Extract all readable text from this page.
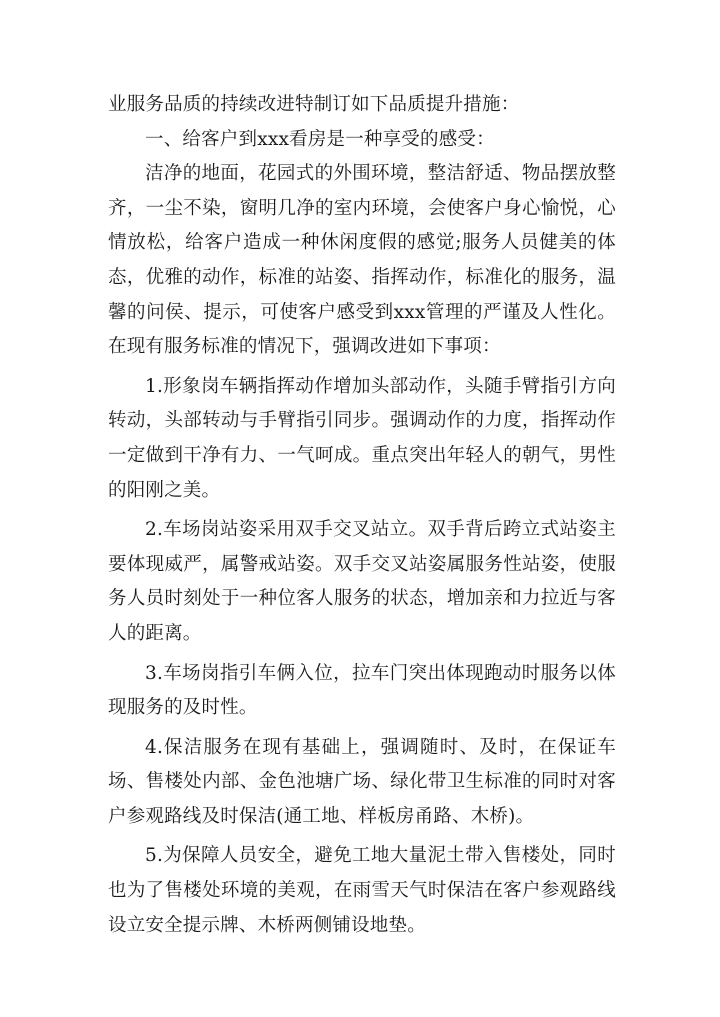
业服务品质的持续改进特制订如下品质提升措施：

一、给客户到xxx看房是一种享受的感受：

洁净的地面，花园式的外围环境，整洁舒适、物品摆放整齐，一尘不染，窗明几净的室内环境，会使客户身心愉悦，心情放松，给客户造成一种休闲度假的感觉;服务人员健美的体态，优雅的动作，标准的站姿、指挥动作，标准化的服务，温馨的问侯、提示，可使客户感受到xxx管理的严谨及人性化。在现有服务标准的情况下，强调改进如下事项：

1.形象岗车辆指挥动作增加头部动作，头随手臂指引方向转动，头部转动与手臂指引同步。强调动作的力度，指挥动作一定做到干净有力、一气呵成。重点突出年轻人的朝气，男性的阳刚之美。

2.车场岗站姿采用双手交叉站立。双手背后跨立式站姿主要体现威严，属警戒站姿。双手交叉站姿属服务性站姿，使服务人员时刻处于一种位客人服务的状态，增加亲和力拉近与客人的距离。

3.车场岗指引车俩入位，拉车门突出体现跑动时服务以体现服务的及时性。

4.保洁服务在现有基础上，强调随时、及时，在保证车场、售楼处内部、金色池塘广场、绿化带卫生标准的同时对客户参观路线及时保洁(通工地、样板房甬路、木桥)。

5.为保障人员安全，避免工地大量泥土带入售楼处，同时也为了售楼处环境的美观，在雨雪天气时保洁在客户参观路线设立安全提示牌、木桥两侧铺设地垫。
